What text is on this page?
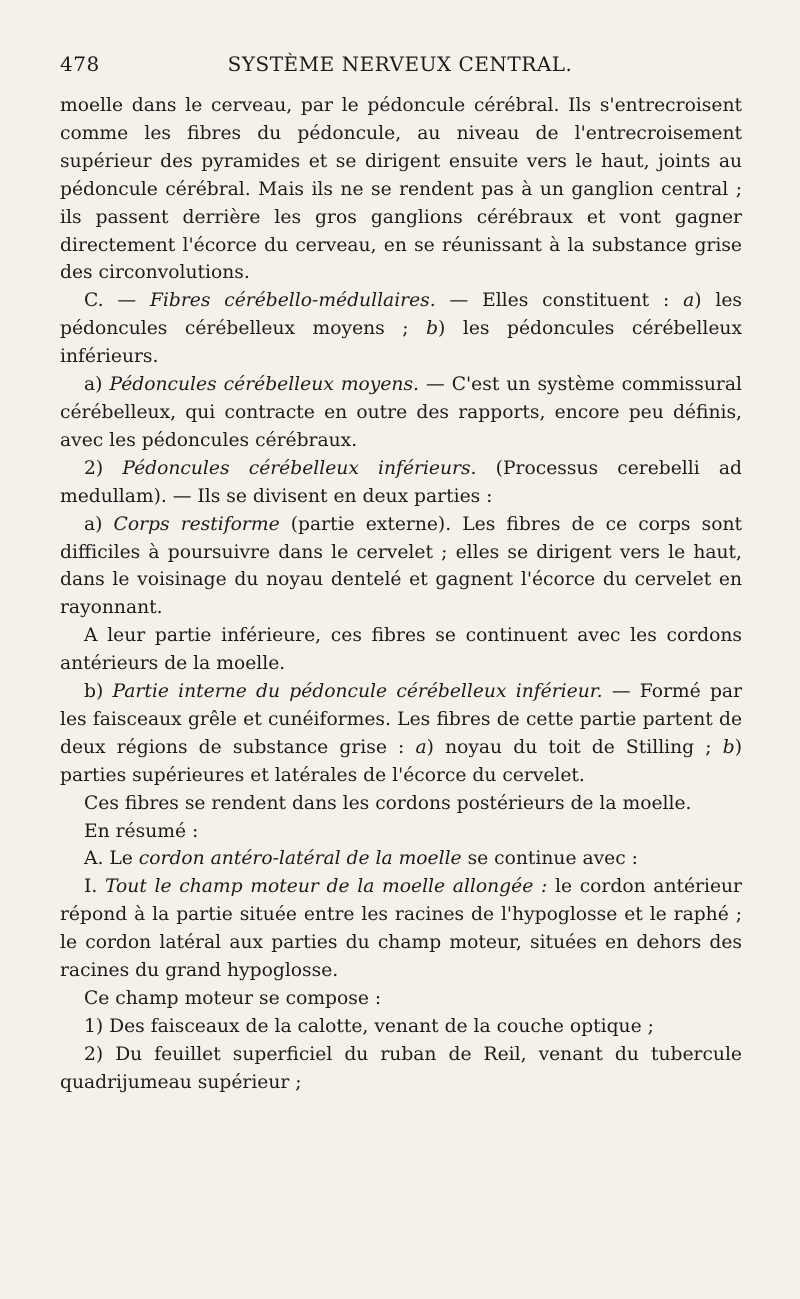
478	SYSTÈME NERVEUX CENTRAL.

moelle dans le cerveau, par le pédoncule cérébral. Ils s'entrecroisent comme les fibres du pédoncule, au niveau de l'entrecroisement supérieur des pyramides et se dirigent ensuite vers le haut, joints au pédoncule cérébral. Mais ils ne se rendent pas à un ganglion central ; ils passent derrière les gros ganglions cérébraux et vont gagner directement l'écorce du cerveau, en se réunissant à la substance grise des circonvolutions.

C. — Fibres cérébello-médullaires. — Elles constituent : a) les pédoncules cérébelleux moyens ; b) les pédoncules cérébelleux inférieurs.

a) Pédoncules cérébelleux moyens. — C'est un système commissural cérébelleux, qui contracte en outre des rapports, encore peu définis, avec les pédoncules cérébraux.

2) Pédoncules cérébelleux inférieurs. (Processus cerebelli ad medullam). — Ils se divisent en deux parties :

a) Corps restiforme (partie externe). Les fibres de ce corps sont difficiles à poursuivre dans le cervelet ; elles se dirigent vers le haut, dans le voisinage du noyau dentelé et gagnent l'écorce du cervelet en rayonnant.

A leur partie inférieure, ces fibres se continuent avec les cordons antérieurs de la moelle.

b) Partie interne du pédoncule cérébelleux inférieur. — Formé par les faisceaux grêle et cunéiformes. Les fibres de cette partie partent de deux régions de substance grise : a) noyau du toit de Stilling ; b) parties supérieures et latérales de l'écorce du cervelet.

Ces fibres se rendent dans les cordons postérieurs de la moelle.

En résumé :

A. Le cordon antéro-latéral de la moelle se continue avec :

I. Tout le champ moteur de la moelle allongée : le cordon antérieur répond à la partie située entre les racines de l'hypoglosse et le raphé ; le cordon latéral aux parties du champ moteur, situées en dehors des racines du grand hypoglosse.

Ce champ moteur se compose :

1) Des faisceaux de la calotte, venant de la couche optique ;

2) Du feuillet superficiel du ruban de Reil, venant du tubercule quadrijumeau supérieur ;
